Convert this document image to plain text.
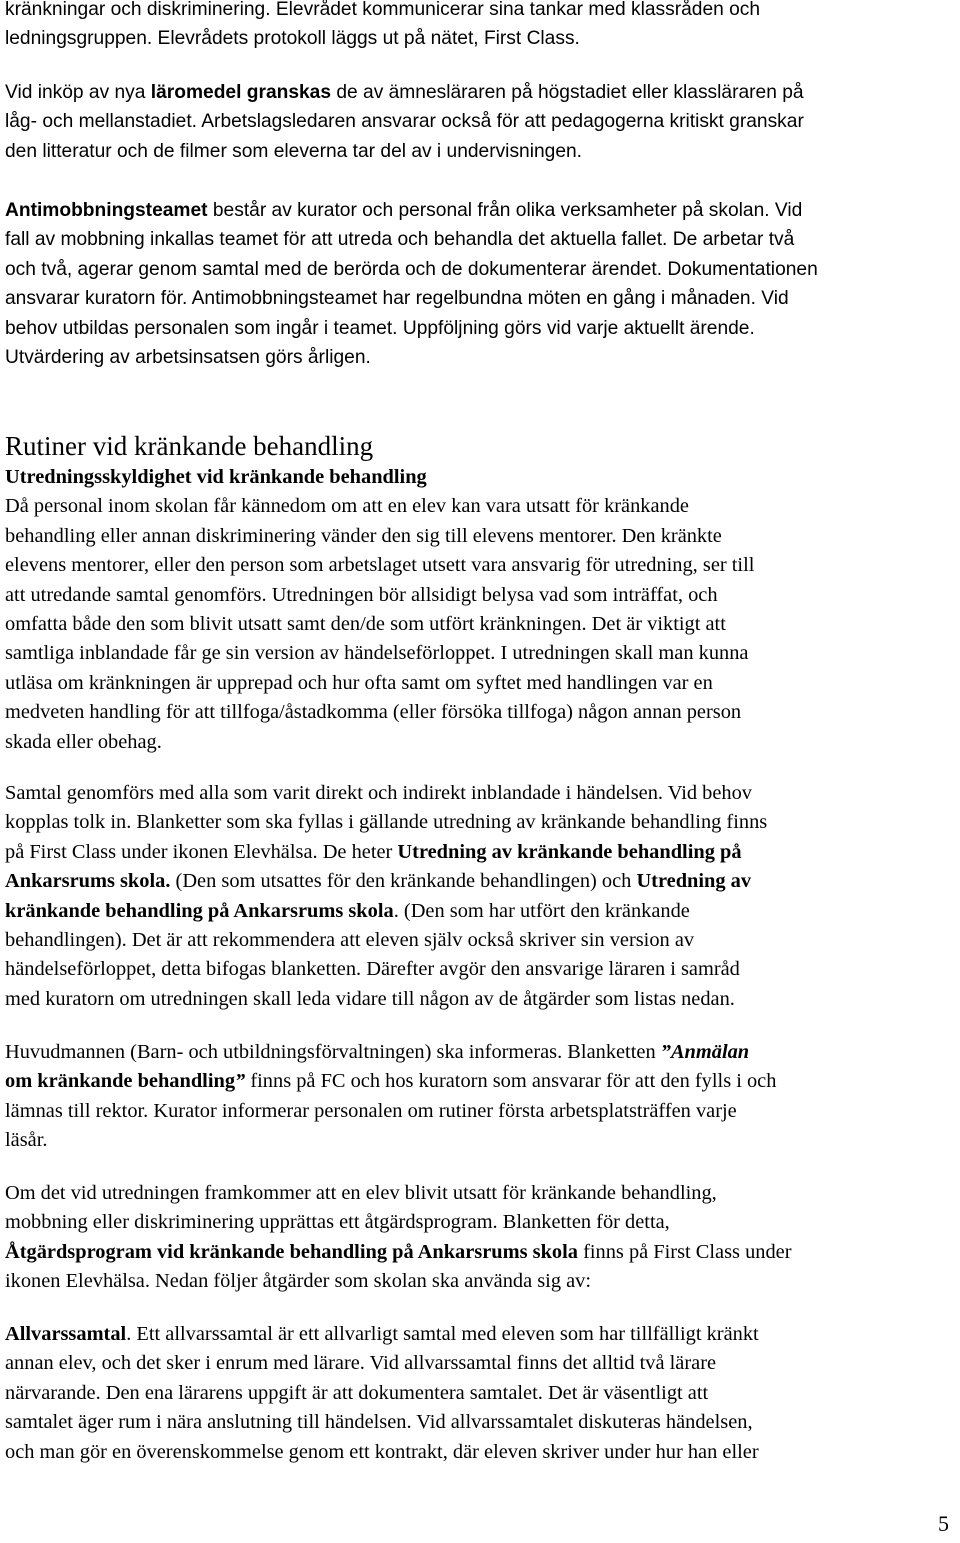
kränkningar och diskriminering. Elevrådet kommunicerar sina tankar med klassråden och

ledningsgruppen. Elevrådets protokoll läggs ut på nätet, First Class.

Vid inköp av nya läromedel granskas de av ämnesläraren på högstadiet eller klassläraren på

låg- och mellanstadiet. Arbetslagsledaren ansvarar också för att pedagogerna kritiskt granskar

den litteratur och de filmer som eleverna tar del av i undervisningen.

Antimobbningsteamet består av kurator och personal från olika verksamheter på skolan. Vid

fall av mobbning inkallas teamet för att utreda och behandla det aktuella fallet. De arbetar två

och två, agerar genom samtal med de berörda och de dokumenterar ärendet. Dokumentationen

ansvarar kuratorn för. Antimobbningsteamet har regelbundna möten en gång i månaden. Vid

behov utbildas personalen som ingår i teamet. Uppföljning görs vid varje aktuellt ärende.

Utvärdering av arbetsinsatsen görs årligen.

Rutiner vid kränkande behandling

Utredningsskyldighet vid kränkande behandling

Då personal inom skolan får kännedom om att en elev kan vara utsatt för kränkande

behandling eller annan diskriminering vänder den sig till elevens mentorer. Den kränkte

elevens mentorer, eller den person som arbetslaget utsett vara ansvarig för utredning, ser till

att utredande samtal genomförs. Utredningen bör allsidigt belysa vad som inträffat, och

omfatta både den som blivit utsatt samt den/de som utfört kränkningen. Det är viktigt att

samtliga inblandade får ge sin version av händelseförloppet. I utredningen skall man kunna

utläsa om kränkningen är upprepad och hur ofta samt om syftet med handlingen var en

medveten handling för att tillfoga/åstadkomma (eller försöka tillfoga) någon annan person

skada eller obehag.

Samtal genomförs med alla som varit direkt och indirekt inblandade i händelsen. Vid behov

kopplas tolk in. Blanketter som ska fyllas i gällande utredning av kränkande behandling finns

på First Class under ikonen Elevhälsa. De heter Utredning av kränkande behandling på

Ankarsrums skola. (Den som utsattes för den kränkande behandlingen) och Utredning av

kränkande behandling på Ankarsrums skola. (Den som har utfört den kränkande

behandlingen). Det är att rekommendera att eleven själv också skriver sin version av

händelseförloppet, detta bifogas blanketten. Därefter avgör den ansvarige läraren i samråd

med kuratorn om utredningen skall leda vidare till någon av de åtgärder som listas nedan.

Huvudmannen (Barn- och utbildningsförvaltningen) ska informeras. Blanketten ”Anmälan

om kränkande behandling” finns på FC och hos kuratorn som ansvarar för att den fylls i och

lämnas till rektor. Kurator informerar personalen om rutiner första arbetsplatsträffen varje

läsår.

Om det vid utredningen framkommer att en elev blivit utsatt för kränkande behandling,

mobbning eller diskriminering upprättas ett åtgärdsprogram. Blanketten för detta,

Åtgärdsprogram vid kränkande behandling på Ankarsrums skola finns på First Class under

ikonen Elevhälsa. Nedan följer åtgärder som skolan ska använda sig av:

Allvarssamtal. Ett allvarssamtal är ett allvarligt samtal med eleven som har tillfälligt kränkt

annan elev, och det sker i enrum med lärare. Vid allvarssamtal finns det alltid två lärare

närvarande. Den ena lärarens uppgift är att dokumentera samtalet. Det är väsentligt att

samtalet äger rum i nära anslutning till händelsen. Vid allvarssamtalet diskuteras händelsen,

och man gör en överenskommelse genom ett kontrakt, där eleven skriver under hur han eller

5
